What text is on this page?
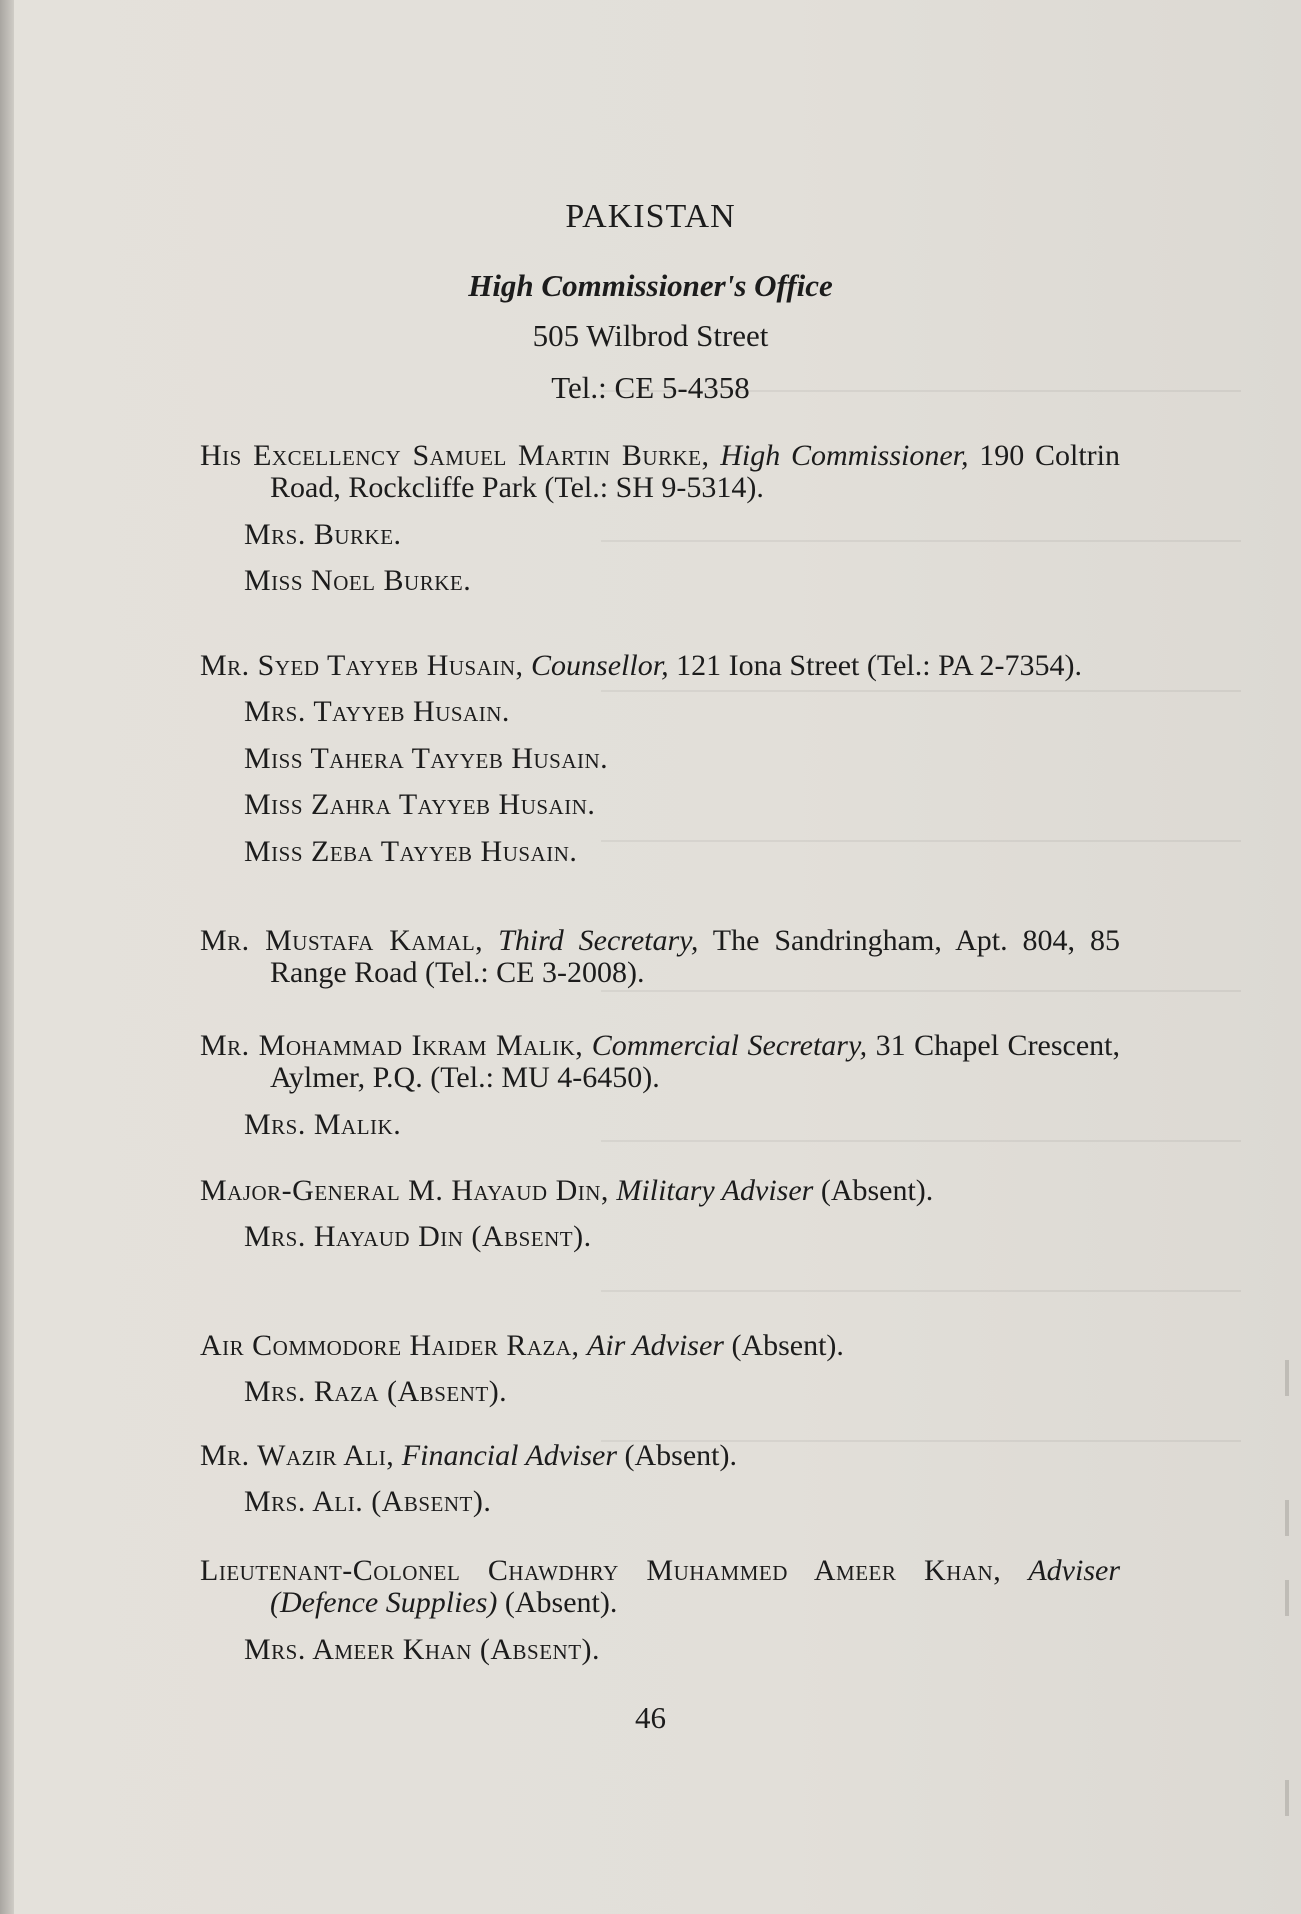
PAKISTAN
High Commissioner's Office
505 Wilbrod Street
Tel.: CE 5-4358
His Excellency Samuel Martin Burke, High Commissioner, 190 Coltrin Road, Rockcliffe Park (Tel.: SH 9-5314).
Mrs. Burke.
Miss Noel Burke.
Mr. Syed Tayyeb Husain, Counsellor, 121 Iona Street (Tel.: PA 2-7354).
Mrs. Tayyeb Husain.
Miss Tahera Tayyeb Husain.
Miss Zahra Tayyeb Husain.
Miss Zeba Tayyeb Husain.
Mr. Mustafa Kamal, Third Secretary, The Sandringham, Apt. 804, 85 Range Road (Tel.: CE 3-2008).
Mr. Mohammad Ikram Malik, Commercial Secretary, 31 Chapel Crescent, Aylmer, P.Q. (Tel.: MU 4-6450).
Mrs. Malik.
Major-General M. Hayaud Din, Military Adviser (Absent).
Mrs. Hayaud Din (Absent).
Air Commodore Haider Raza, Air Adviser (Absent).
Mrs. Raza (Absent).
Mr. Wazir Ali, Financial Adviser (Absent).
Mrs. Ali. (Absent).
Lieutenant-Colonel Chawdhry Muhammed Ameer Khan, Adviser (Defence Supplies) (Absent).
Mrs. Ameer Khan (Absent).
46
